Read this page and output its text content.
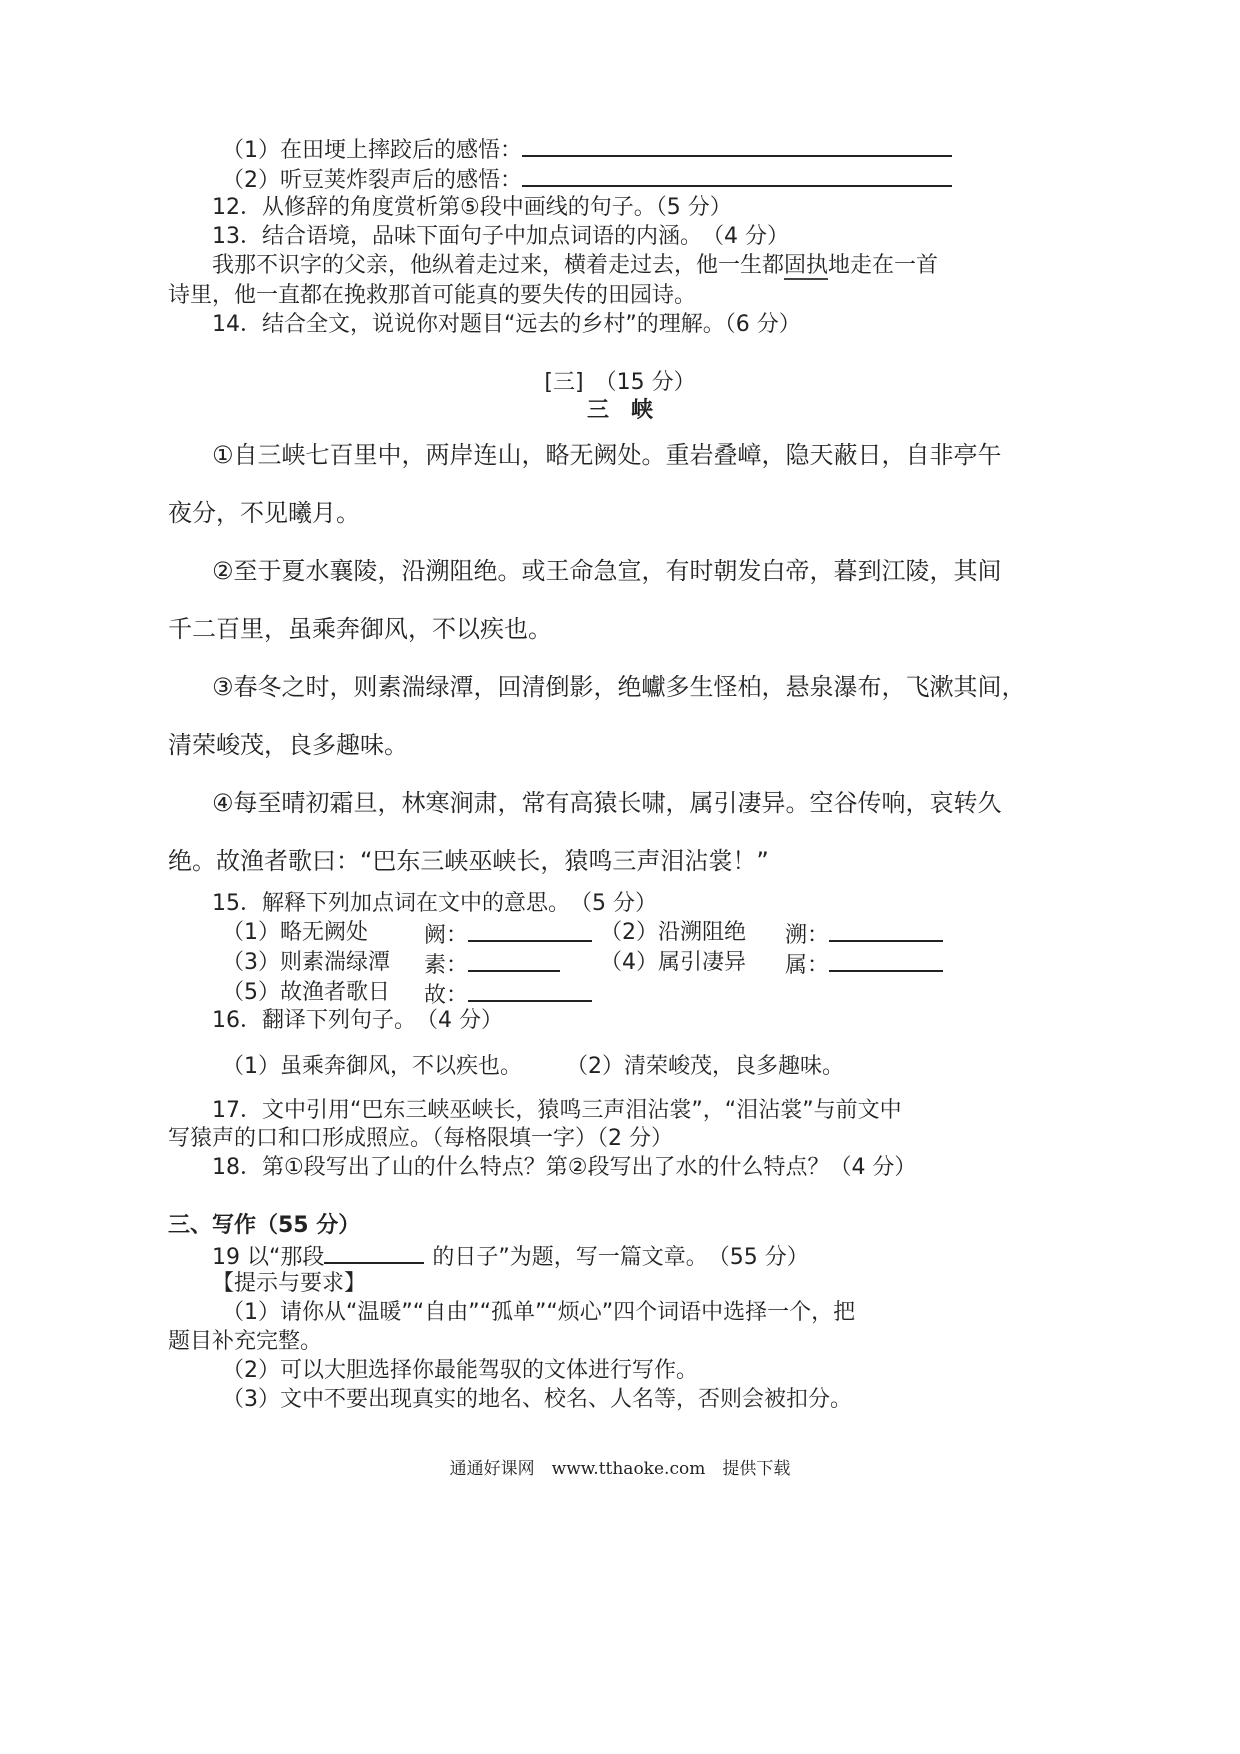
（1）在田埂上摔跤后的感悟：
（2）听豆荚炸裂声后的感悟：
12．从修辞的角度赏析第⑤段中画线的句子。（5 分）
13．结合语境，品味下面句子中加点词语的内涵。　（4 分）
我那不识字的父亲，他纵着走过来，横着走过去，他一生都固执地走在一首
诗里，他一直都在挽救那首可能真的要失传的田园诗。
14．结合全文，说说你对题目“远去的乡村”的理解。（6 分）
[三]　（15 分）
三　峡
①自三峡七百里中，两岸连山，略无阙处。重岩叠嶂，隐天蔽日，自非亭午
夜分，不见曦月。
②至于夏水襄陵，沿溯阻绝。或王命急宣，有时朝发白帝，暮到江陵，其间
千二百里，虽乘奔御风，不以疾也。
③春冬之时，则素湍绿潭，回清倒影，绝巘多生怪柏，悬泉瀑布，飞漱其间，
清荣峻茂，良多趣味。
④每至晴初霜旦，林寒涧肃，常有高猿长啸，属引凄异。空谷传响，哀转久
绝。故渔者歌曰：“巴东三峡巫峡长，猿鸣三声泪沾裳！”
15．解释下列加点词在文中的意思。　（5 分）
（1）略无阙处	阙：	（2）沿溯阻绝 溯：
（3）则素湍绿潭 素：	（4）属引凄异 属：
（5）故渔者歌日 故：
16．翻译下列句子。　（4 分）
（1）虽乘奔御风，不以疾也。 （2）清荣峻茂，良多趣味。
17．文中引用“巴东三峡巫峡长，猿鸣三声泪沾裳”，“泪沾裳”与前文中
写猿声的口和口形成照应。（每格限填一字）（2 分）
18．第①段写出了山的什么特点？第②段写出了水的什么特点？（4 分）
三、写作（55 分）
19 以“那段	的日子”为题，写一篇文章。　（55 分）
【提示与要求】
（1）请你从“温暖”“自由”“孤单”“烦心”四个词语中选择一个，把
题目补充完整。
（2）可以大胆选择你最能驾驭的文体进行写作。
（3）文中不要出现真实的地名、校名、人名等，否则会被扣分。
通通好课网　www.tthaoke.com　提供下载
